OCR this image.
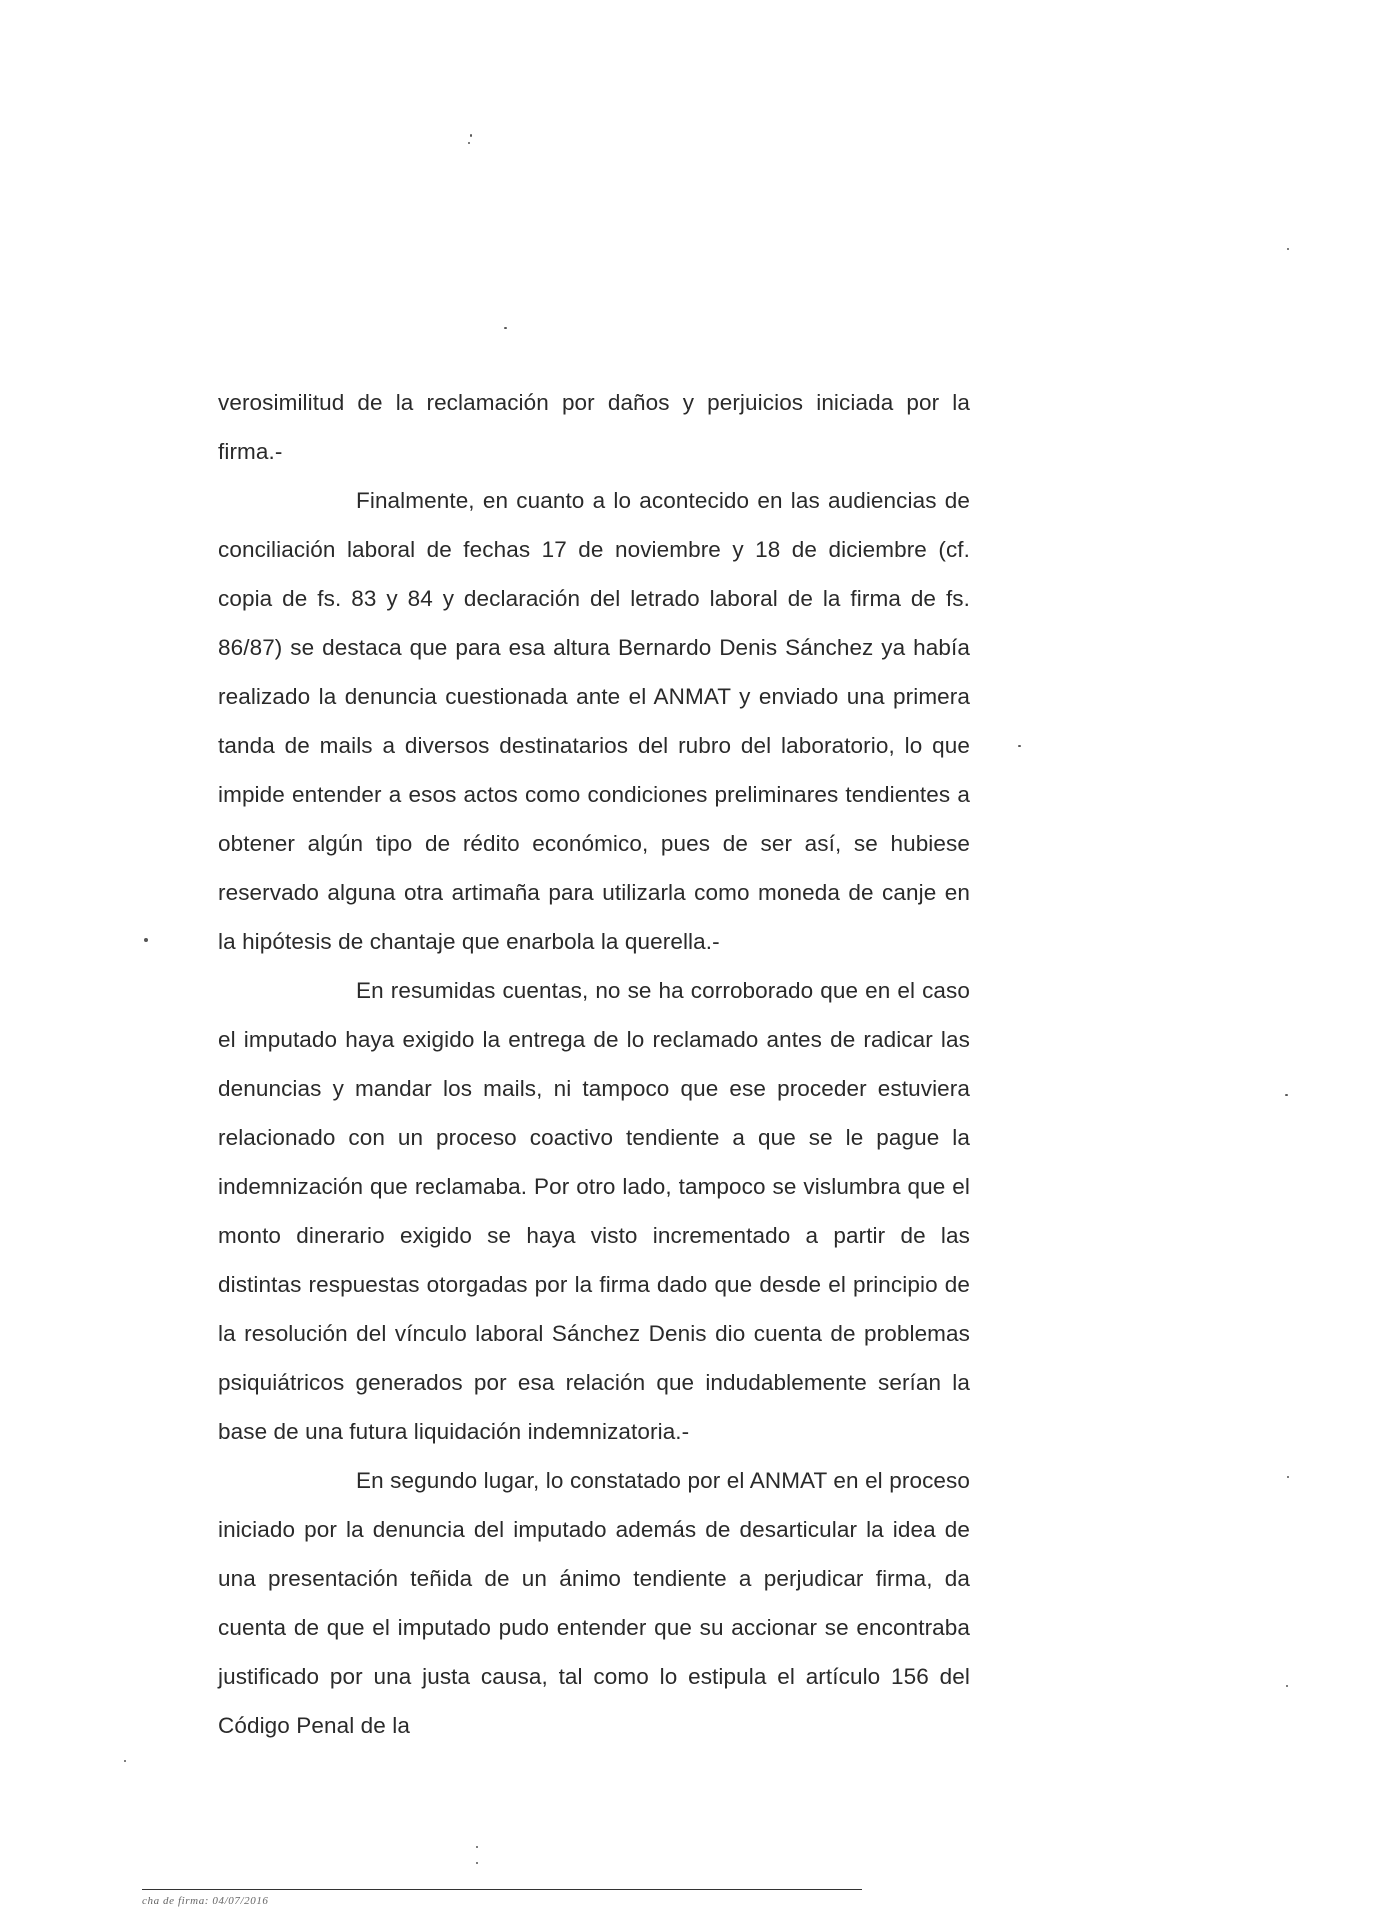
verosimilitud de la reclamación por daños y perjuicios iniciada por la firma.-

Finalmente, en cuanto a lo acontecido en las audiencias de conciliación laboral de fechas 17 de noviembre y 18 de diciembre (cf. copia de fs. 83 y 84 y declaración del letrado laboral de la firma de fs. 86/87) se destaca que para esa altura Bernardo Denis Sánchez ya había realizado la denuncia cuestionada ante el ANMAT y enviado una primera tanda de mails a diversos destinatarios del rubro del laboratorio, lo que impide entender a esos actos como condiciones preliminares tendientes a obtener algún tipo de rédito económico, pues de ser así, se hubiese reservado alguna otra artimaña para utilizarla como moneda de canje en la hipótesis de chantaje que enarbola la querella.-

En resumidas cuentas, no se ha corroborado que en el caso el imputado haya exigido la entrega de lo reclamado antes de radicar las denuncias y mandar los mails, ni tampoco que ese proceder estuviera relacionado con un proceso coactivo tendiente a que se le pague la indemnización que reclamaba. Por otro lado, tampoco se vislumbra que el monto dinerario exigido se haya visto incrementado a partir de las distintas respuestas otorgadas por la firma dado que desde el principio de la resolución del vínculo laboral Sánchez Denis dio cuenta de problemas psiquiátricos generados por esa relación que indudablemente serían la base de una futura liquidación indemnizatoria.-

En segundo lugar, lo constatado por el ANMAT en el proceso iniciado por la denuncia del imputado además de desarticular la idea de una presentación teñida de un ánimo tendiente a perjudicar firma, da cuenta de que el imputado pudo entender que su accionar se encontraba justificado por una justa causa, tal como lo estipula el artículo 156 del Código Penal de la

cha de firma: 04/07/2016
